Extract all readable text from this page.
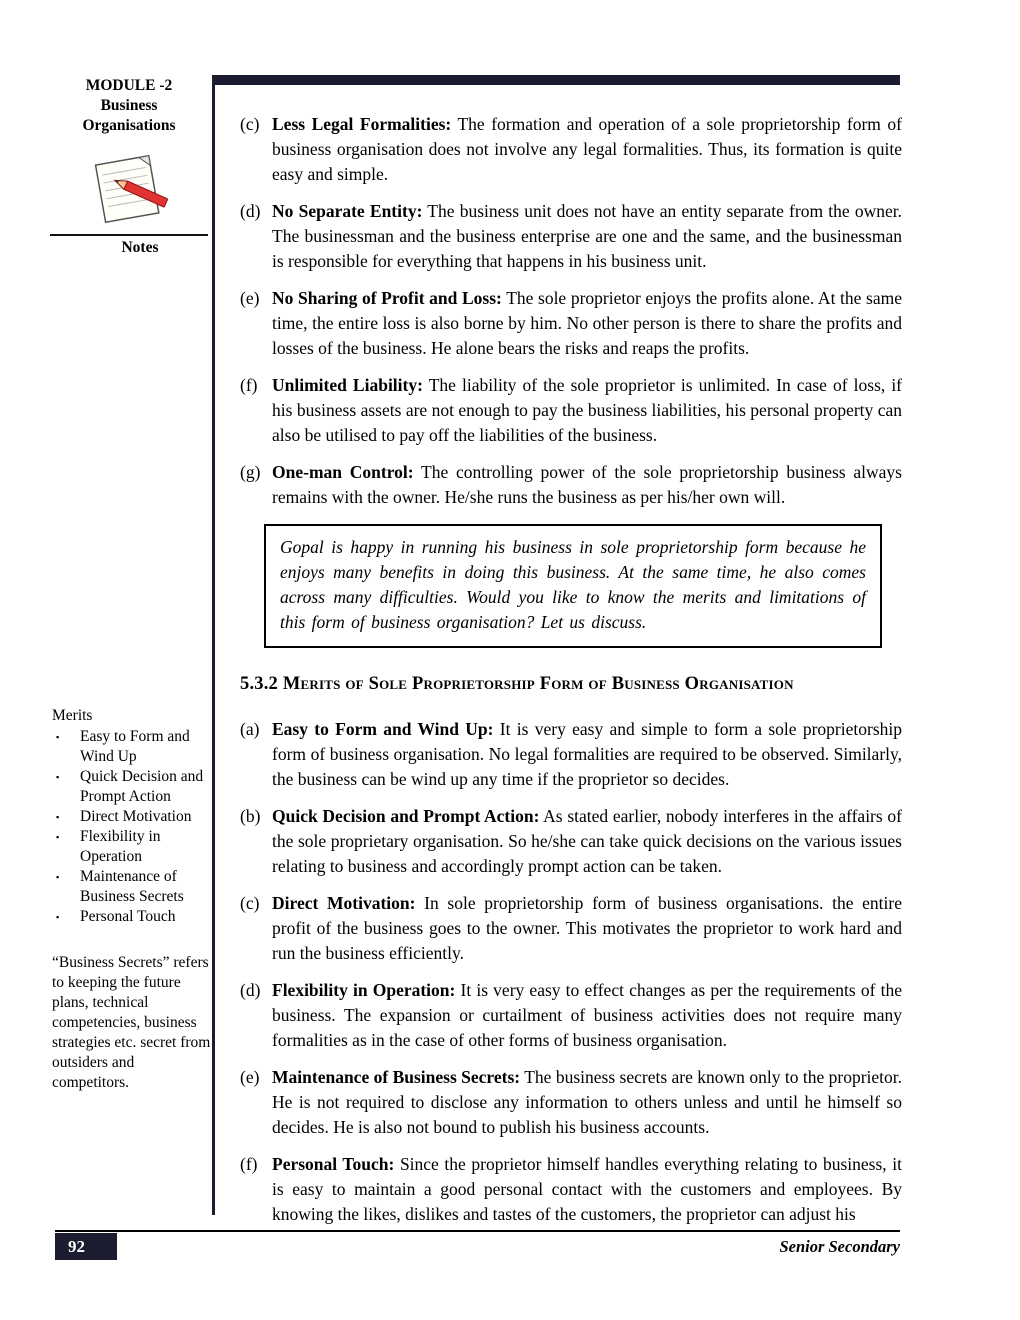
MODULE -2
Business
Organisations
Notes
Merits
▪	Easy to Form and Wind Up
▪	Quick Decision and Prompt Action
▪	Direct Motivation
▪	Flexibility in Operation
▪	Maintenance of Business Secrets
▪	Personal Touch

“Business Secrets” refers to keeping the future plans, technical competencies, business strategies etc. secret from outsiders and competitors.

(c) Less Legal Formalities: The formation and operation of a sole proprietorship form of business organisation does not involve any legal formalities. Thus, its formation is quite easy and simple.
(d) No Separate Entity: The business unit does not have an entity separate from the owner. The businessman and the business enterprise are one and the same, and the businessman is responsible for everything that happens in his business unit.
(e) No Sharing of Profit and Loss: The sole proprietor enjoys the profits alone. At the same time, the entire loss is also borne by him. No other person is there to share the profits and losses of the business. He alone bears the risks and reaps the profits.
(f) Unlimited Liability: The liability of the sole proprietor is unlimited. In case of loss, if his business assets are not enough to pay the business liabilities, his personal property can also be utilised to pay off the liabilities of the business.
(g) One-man Control: The controlling power of the sole proprietorship business always remains with the owner. He/she runs the business as per his/her own will.

Gopal is happy in running his business in sole proprietorship form because he enjoys many benefits in doing this business. At the same time, he also comes across many difficulties. Would you like to know the merits and limitations of this form of business organisation? Let us discuss.

5.3.2 Merits of Sole Proprietorship Form of Business Organisation
(a) Easy to Form and Wind Up: It is very easy and simple to form a sole proprietorship form of business organisation. No legal formalities are required to be observed. Similarly, the business can be wind up any time if the proprietor so decides.
(b) Quick Decision and Prompt Action: As stated earlier, nobody interferes in the affairs of the sole proprietary organisation. So he/she can take quick decisions on the various issues relating to business and accordingly prompt action can be taken.
(c) Direct Motivation: In sole proprietorship form of business organisations. the entire profit of the business goes to the owner. This motivates the proprietor to work hard and run the business efficiently.
(d) Flexibility in Operation: It is very easy to effect changes as per the requirements of the business. The expansion or curtailment of business activities does not require many formalities as in the case of other forms of business organisation.
(e) Maintenance of Business Secrets: The business secrets are known only to the proprietor. He is not required to disclose any information to others unless and until he himself so decides. He is also not bound to publish his business accounts.
(f) Personal Touch: Since the proprietor himself handles everything relating to business, it is easy to maintain a good personal contact with the customers and employees. By knowing the likes, dislikes and tastes of the customers, the proprietor can adjust his
92	Senior Secondary
